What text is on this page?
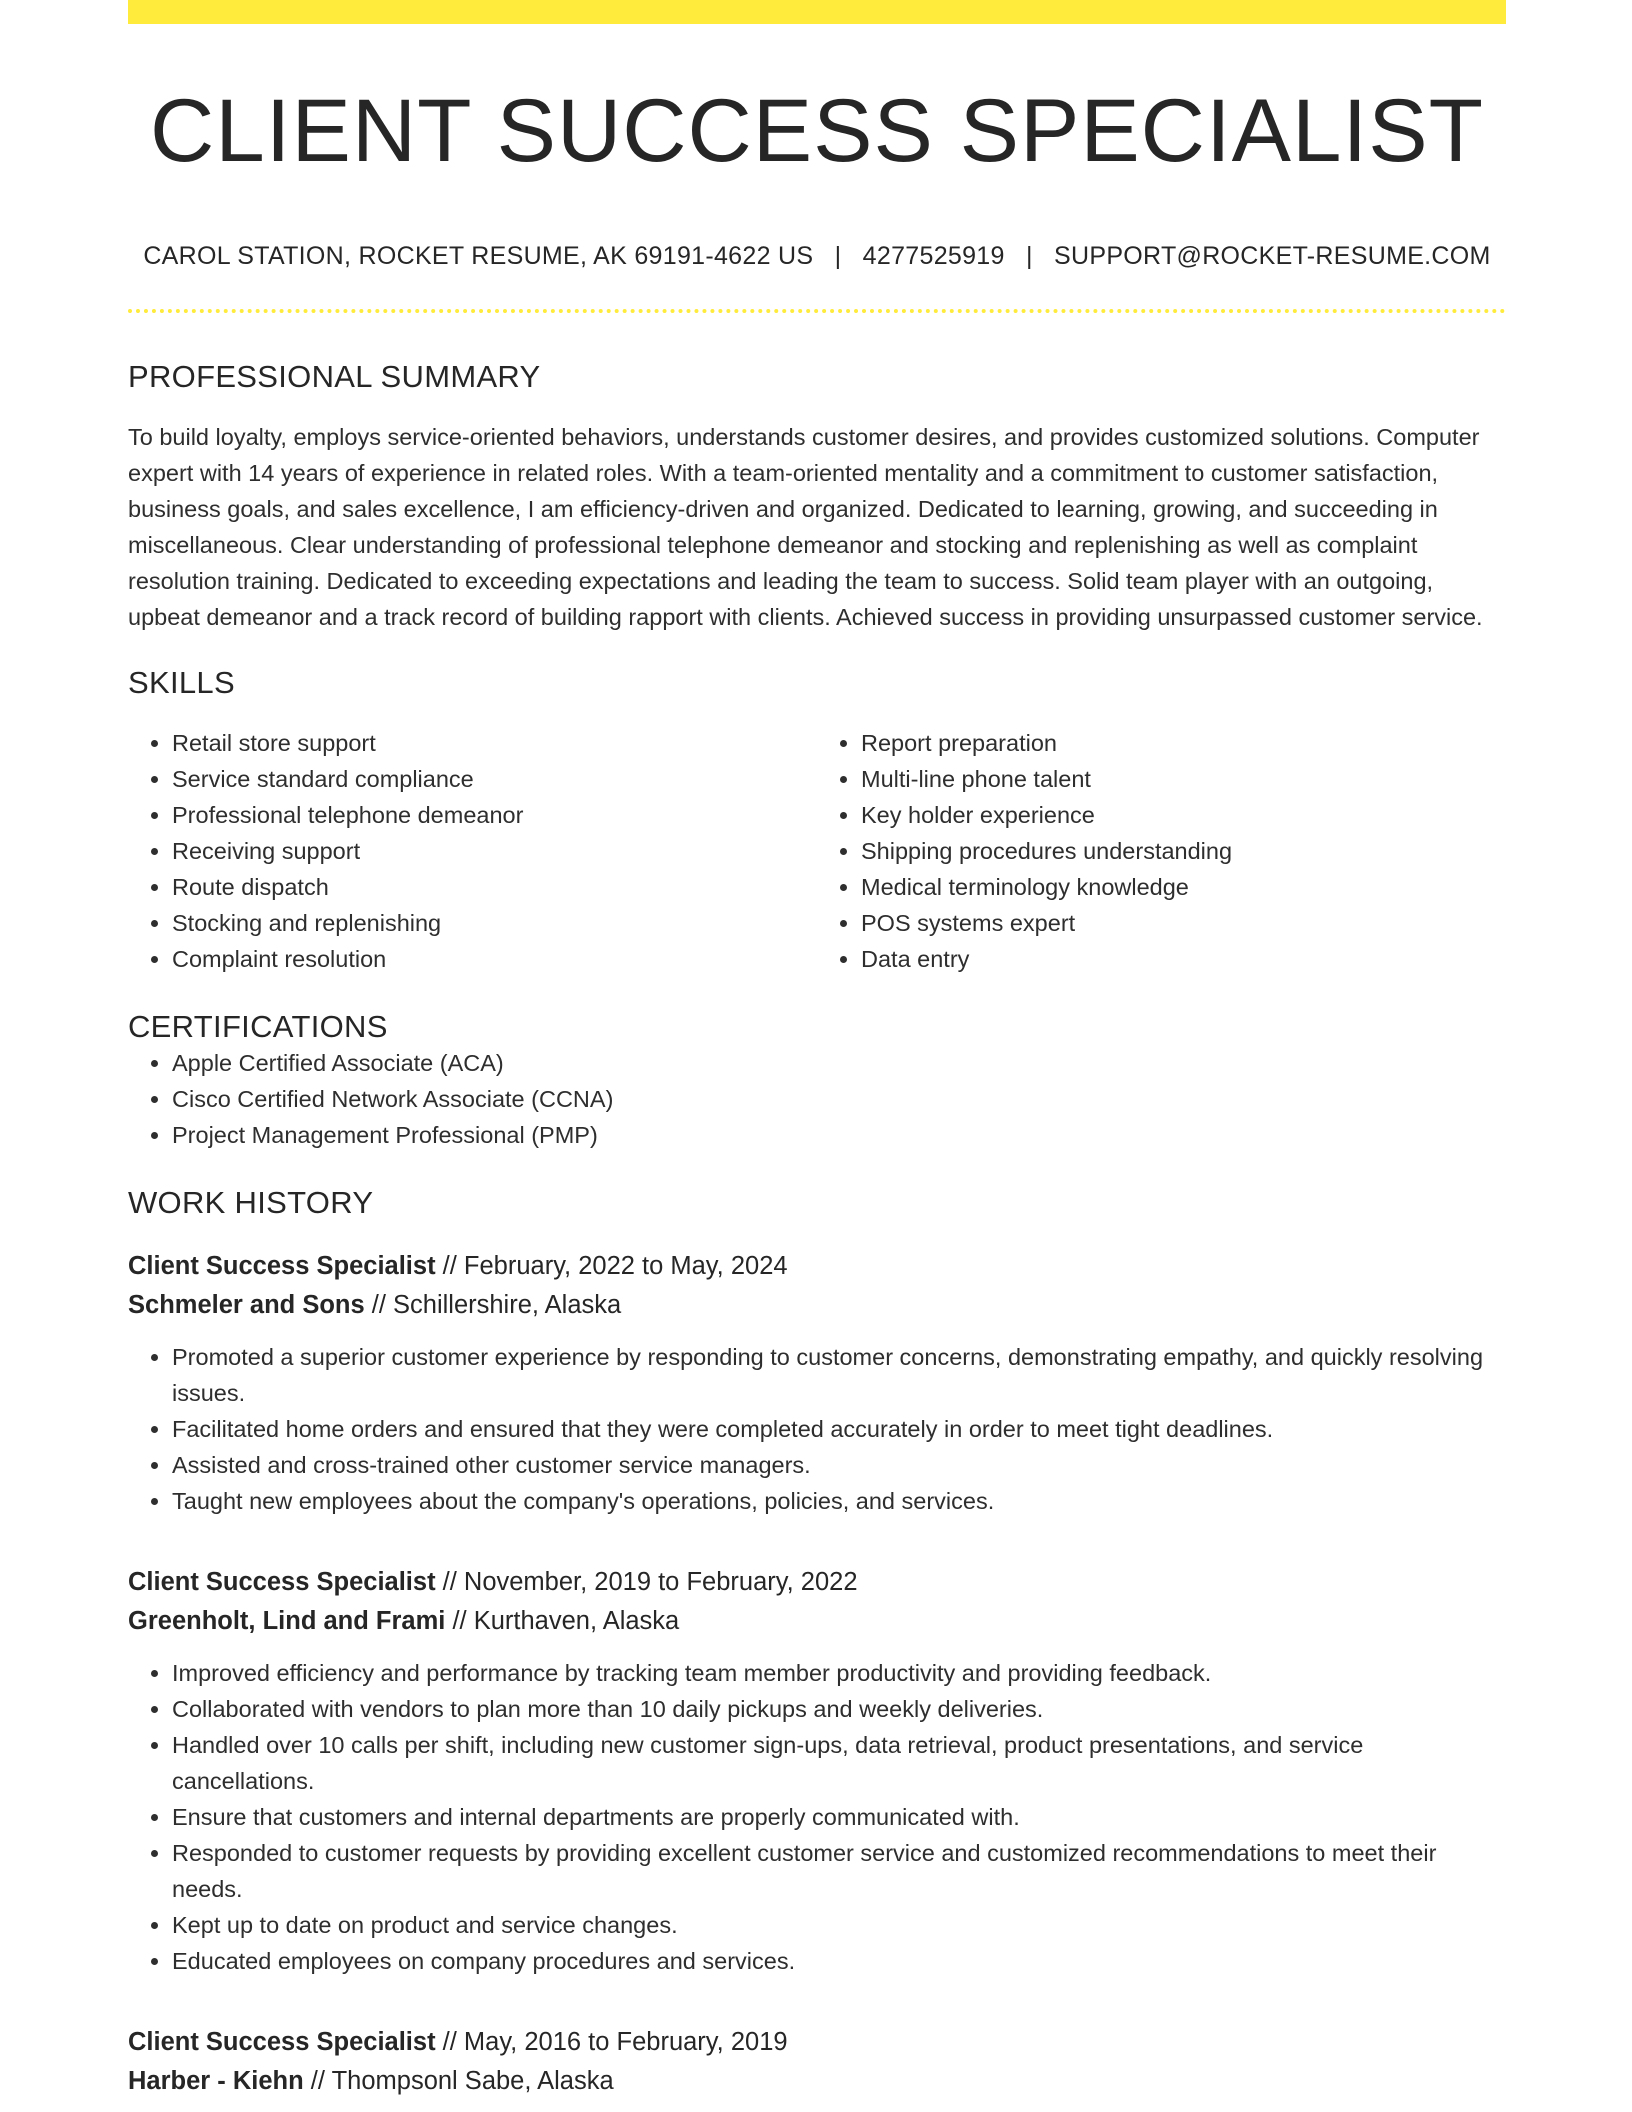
CLIENT SUCCESS SPECIALIST
CAROL STATION, ROCKET RESUME, AK 69191-4622 US | 4277525919 | SUPPORT@ROCKET-RESUME.COM
PROFESSIONAL SUMMARY
To build loyalty, employs service-oriented behaviors, understands customer desires, and provides customized solutions. Computer expert with 14 years of experience in related roles. With a team-oriented mentality and a commitment to customer satisfaction, business goals, and sales excellence, I am efficiency-driven and organized. Dedicated to learning, growing, and succeeding in miscellaneous. Clear understanding of professional telephone demeanor and stocking and replenishing as well as complaint resolution training. Dedicated to exceeding expectations and leading the team to success. Solid team player with an outgoing, upbeat demeanor and a track record of building rapport with clients. Achieved success in providing unsurpassed customer service.
SKILLS
• Retail store support
• Service standard compliance
• Professional telephone demeanor
• Receiving support
• Route dispatch
• Stocking and replenishing
• Complaint resolution
• Report preparation
• Multi-line phone talent
• Key holder experience
• Shipping procedures understanding
• Medical terminology knowledge
• POS systems expert
• Data entry
CERTIFICATIONS
• Apple Certified Associate (ACA)
• Cisco Certified Network Associate (CCNA)
• Project Management Professional (PMP)
WORK HISTORY
Client Success Specialist // February, 2022 to May, 2024
Schmeler and Sons // Schillershire, Alaska
• Promoted a superior customer experience by responding to customer concerns, demonstrating empathy, and quickly resolving issues.
• Facilitated home orders and ensured that they were completed accurately in order to meet tight deadlines.
• Assisted and cross-trained other customer service managers.
• Taught new employees about the company's operations, policies, and services.
Client Success Specialist // November, 2019 to February, 2022
Greenholt, Lind and Frami // Kurthaven, Alaska
• Improved efficiency and performance by tracking team member productivity and providing feedback.
• Collaborated with vendors to plan more than 10 daily pickups and weekly deliveries.
• Handled over 10 calls per shift, including new customer sign-ups, data retrieval, product presentations, and service cancellations.
• Ensure that customers and internal departments are properly communicated with.
• Responded to customer requests by providing excellent customer service and customized recommendations to meet their needs.
• Kept up to date on product and service changes.
• Educated employees on company procedures and services.
Client Success Specialist // May, 2016 to February, 2019
Harber - Kiehn // Thompsonl Sabe, Alaska
